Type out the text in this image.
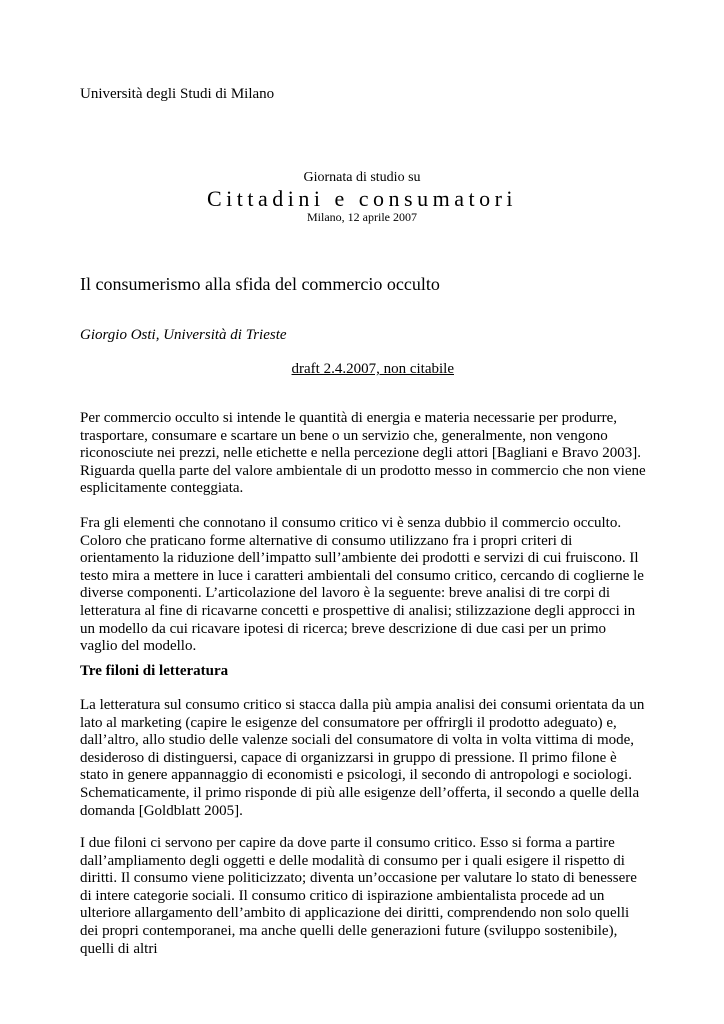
Università degli Studi di Milano

Giornata di studio su

Cittadini e consumatori

Milano, 12 aprile 2007

Il consumerismo alla sfida del commercio occulto

Giorgio Osti, Università di Trieste

draft 2.4.2007, non citabile

Per commercio occulto si intende le quantità di energia e materia necessarie per produrre, trasportare, consumare e scartare un bene o un servizio che, generalmente, non vengono riconosciute nei prezzi, nelle etichette e nella percezione degli attori [Bagliani e Bravo 2003]. Riguarda quella parte del valore ambientale di un prodotto messo in commercio che non viene esplicitamente conteggiata.

Fra gli elementi che connotano il consumo critico vi è senza dubbio il commercio occulto. Coloro che praticano forme alternative di consumo utilizzano fra i propri criteri di orientamento la riduzione dell’impatto sull’ambiente dei prodotti e servizi di cui fruiscono. Il testo mira a mettere in luce i caratteri ambientali del consumo critico, cercando di coglierne le diverse componenti. L’articolazione del lavoro è la seguente: breve analisi di tre corpi di letteratura al fine di ricavarne concetti e prospettive di analisi; stilizzazione degli approcci in un modello da cui ricavare ipotesi di ricerca; breve descrizione di due casi per un primo vaglio del modello.

Tre filoni di letteratura

La letteratura sul consumo critico si stacca dalla più ampia analisi dei consumi orientata da un lato al marketing (capire le esigenze del consumatore per offrirgli il prodotto adeguato) e, dall’altro, allo studio delle valenze sociali del consumatore di volta in volta vittima di mode, desideroso di distinguersi, capace di organizzarsi in gruppo di pressione. Il primo filone è stato in genere appannaggio di economisti e psicologi, il secondo di antropologi e sociologi. Schematicamente, il primo risponde di più alle esigenze dell’offerta, il secondo a quelle della domanda [Goldblatt 2005].

I due filoni ci servono per capire da dove parte il consumo critico. Esso si forma a partire dall’ampliamento degli oggetti e delle modalità di consumo per i quali esigere il rispetto di diritti. Il consumo viene politicizzato; diventa un’occasione per valutare lo stato di benessere di intere categorie sociali. Il consumo critico di ispirazione ambientalista procede ad un ulteriore allargamento dell’ambito di applicazione dei diritti, comprendendo non solo quelli dei propri contemporanei, ma anche quelli delle generazioni future (sviluppo sostenibile), quelli di altri
